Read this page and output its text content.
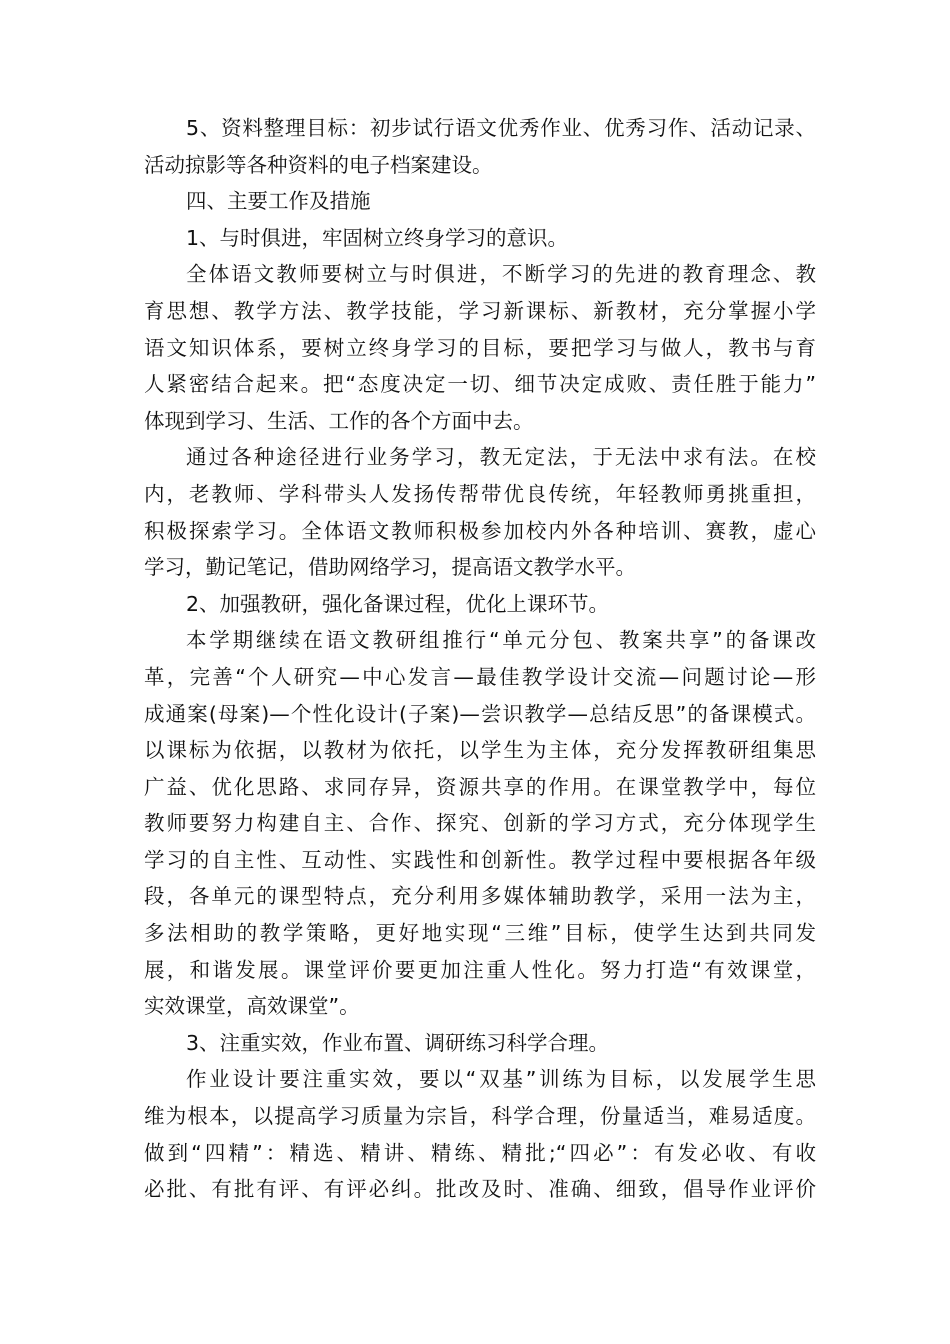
5、资料整理目标：初步试行语文优秀作业、优秀习作、活动记录、
活动掠影等各种资料的电子档案建设。
四、主要工作及措施
1、与时俱进，牢固树立终身学习的意识。
全体语文教师要树立与时俱进，不断学习的先进的教育理念、教
育思想、教学方法、教学技能，学习新课标、新教材，充分掌握小学
语文知识体系，要树立终身学习的目标，要把学习与做人，教书与育
人紧密结合起来。把“态度决定一切、细节决定成败、责任胜于能力”
体现到学习、生活、工作的各个方面中去。
通过各种途径进行业务学习，教无定法，于无法中求有法。在校
内，老教师、学科带头人发扬传帮带优良传统，年轻教师勇挑重担，
积极探索学习。全体语文教师积极参加校内外各种培训、赛教，虚心
学习，勤记笔记，借助网络学习，提高语文教学水平。
2、加强教研，强化备课过程，优化上课环节。
本学期继续在语文教研组推行“单元分包、教案共享”的备课改
革，完善“个人研究—中心发言—最佳教学设计交流—问题讨论—形
成通案(母案)—个性化设计(子案)—尝识教学—总结反思”的备课模式。
以课标为依据，以教材为依托，以学生为主体，充分发挥教研组集思
广益、优化思路、求同存异，资源共享的作用。在课堂教学中，每位
教师要努力构建自主、合作、探究、创新的学习方式，充分体现学生
学习的自主性、互动性、实践性和创新性。教学过程中要根据各年级
段，各单元的课型特点，充分利用多媒体辅助教学，采用一法为主，
多法相助的教学策略，更好地实现“三维”目标，使学生达到共同发
展，和谐发展。课堂评价要更加注重人性化。努力打造“有效课堂，
实效课堂，高效课堂”。
3、注重实效，作业布置、调研练习科学合理。
作业设计要注重实效，要以“双基”训练为目标，以发展学生思
维为根本，以提高学习质量为宗旨，科学合理，份量适当，难易适度。
做到“四精”：精选、精讲、精练、精批;“四必”：有发必收、有收
必批、有批有评、有评必纠。批改及时、准确、细致，倡导作业评价
